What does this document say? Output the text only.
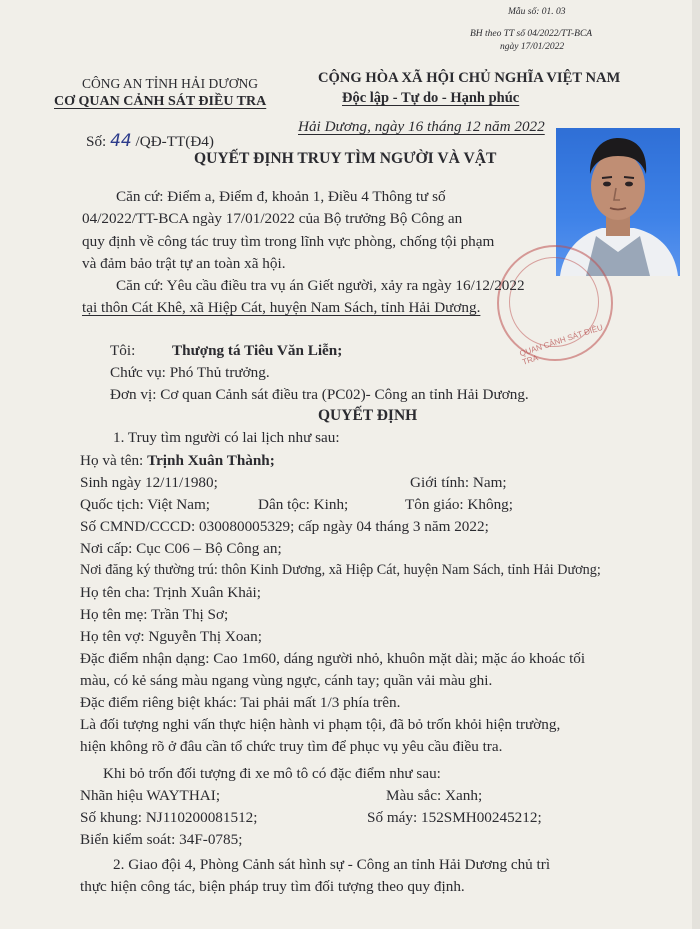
Mẫu số: 01. 03
BH theo TT số 04/2022/TT-BCA
ngày 17/01/2022
CÔNG AN TỈNH HẢI DƯƠNG
CƠ QUAN CẢNH SÁT ĐIỀU TRA
CỘNG HÒA XÃ HỘI CHỦ NGHĨA VIỆT NAM
Độc lập - Tự do - Hạnh phúc
Số: 44 /QĐ-TT(Đ4)
Hải Dương, ngày 16 tháng 12 năm 2022
QUYẾT ĐỊNH TRUY TÌM NGƯỜI VÀ VẬT
QUAN CẢNH SÁT ĐIỀU TRA
Căn cứ: Điểm a, Điểm đ, khoản 1, Điều 4 Thông tư số
04/2022/TT-BCA ngày 17/01/2022 của Bộ trưởng Bộ Công an
quy định về công tác truy tìm trong lĩnh vực phòng, chống tội phạm
và đảm bảo trật tự an toàn xã hội.
Căn cứ: Yêu cầu điều tra vụ án Giết người, xảy ra ngày 16/12/2022
tại thôn Cát Khê, xã Hiệp Cát, huyện Nam Sách, tỉnh Hải Dương.
Tôi: Thượng tá Tiêu Văn Liễn;
Chức vụ: Phó Thủ trưởng.
Đơn vị: Cơ quan Cảnh sát điều tra (PC02)- Công an tỉnh Hải Dương.
QUYẾT ĐỊNH
1. Truy tìm người có lai lịch như sau:
Họ và tên: Trịnh Xuân Thành;
Sinh ngày 12/11/1980;	Giới tính: Nam;
Quốc tịch: Việt Nam;	Dân tộc: Kinh;	Tôn giáo: Không;
Số CMND/CCCD: 030080005329; cấp ngày 04 tháng 3 năm 2022;
Nơi cấp: Cục C06 – Bộ Công an;
Nơi đăng ký thường trú: thôn Kinh Dương, xã Hiệp Cát, huyện Nam Sách, tỉnh Hải Dương;
Họ tên cha: Trịnh Xuân Khải;
Họ tên mẹ: Trần Thị Sơ;
Họ tên vợ: Nguyễn Thị Xoan;
Đặc điểm nhận dạng: Cao 1m60, dáng người nhỏ, khuôn mặt dài; mặc áo khoác tối
màu, có kẻ sáng màu ngang vùng ngực, cánh tay; quần vải màu ghi.
Đặc điểm riêng biệt khác: Tai phải mất 1/3 phía trên.
Là đối tượng nghi vấn thực hiện hành vi phạm tội, đã bỏ trốn khỏi hiện trường,
hiện không rõ ở đâu cần tổ chức truy tìm để phục vụ yêu cầu điều tra.
Khi bỏ trốn đối tượng đi xe mô tô có đặc điểm như sau:
Nhãn hiệu WAYTHAI;	Màu sắc: Xanh;
Số khung: NJ110200081512;	Số máy: 152SMH00245212;
Biển kiểm soát: 34F-0785;
2. Giao đội 4, Phòng Cảnh sát hình sự - Công an tỉnh Hải Dương chủ trì
thực hiện công tác, biện pháp truy tìm đối tượng theo quy định.
